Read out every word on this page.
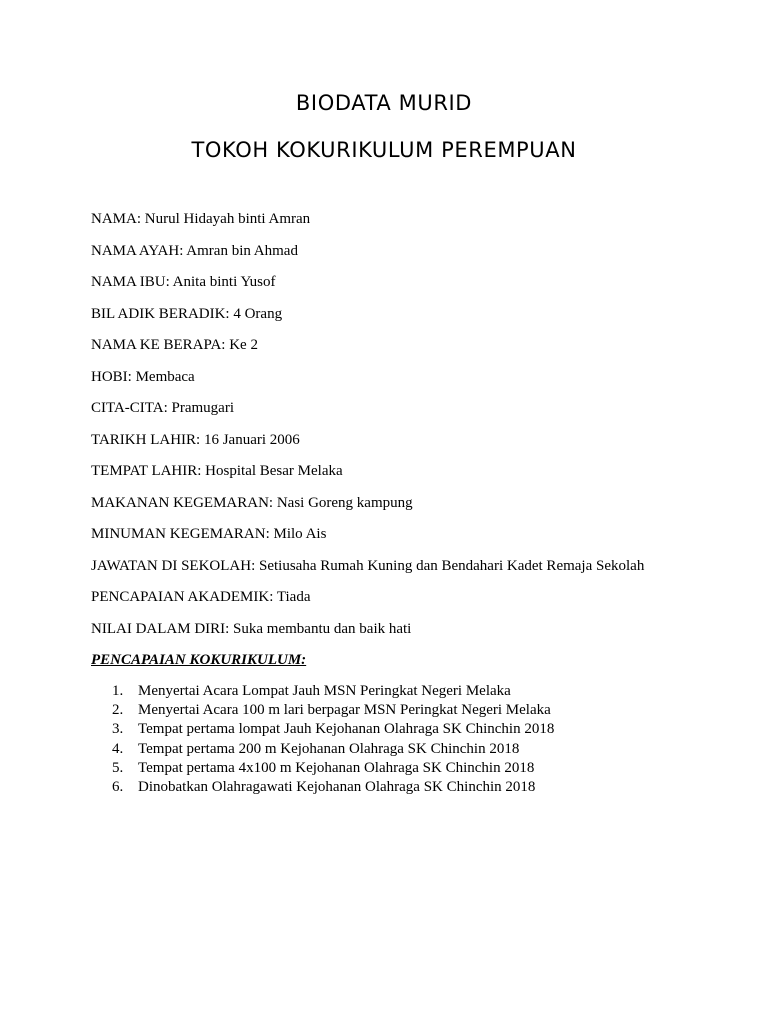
BIODATA MURID
TOKOH KOKURIKULUM PEREMPUAN
NAMA: Nurul Hidayah binti Amran
NAMA AYAH: Amran bin Ahmad
NAMA IBU: Anita binti Yusof
BIL ADIK BERADIK: 4 Orang
NAMA KE BERAPA: Ke 2
HOBI: Membaca
CITA-CITA: Pramugari
TARIKH LAHIR: 16 Januari 2006
TEMPAT LAHIR: Hospital Besar Melaka
MAKANAN KEGEMARAN: Nasi Goreng kampung
MINUMAN KEGEMARAN: Milo Ais
JAWATAN DI SEKOLAH: Setiusaha Rumah Kuning dan Bendahari Kadet Remaja Sekolah
PENCAPAIAN AKADEMIK: Tiada
NILAI DALAM DIRI: Suka membantu dan baik hati
PENCAPAIAN KOKURIKULUM:
1. Menyertai Acara Lompat Jauh MSN Peringkat Negeri Melaka
2. Menyertai Acara 100 m lari berpagar MSN Peringkat Negeri Melaka
3. Tempat pertama lompat Jauh Kejohanan Olahraga SK Chinchin 2018
4. Tempat pertama 200 m Kejohanan Olahraga SK Chinchin 2018
5. Tempat pertama 4x100 m Kejohanan Olahraga SK Chinchin 2018
6. Dinobatkan Olahragawati Kejohanan Olahraga SK Chinchin 2018
